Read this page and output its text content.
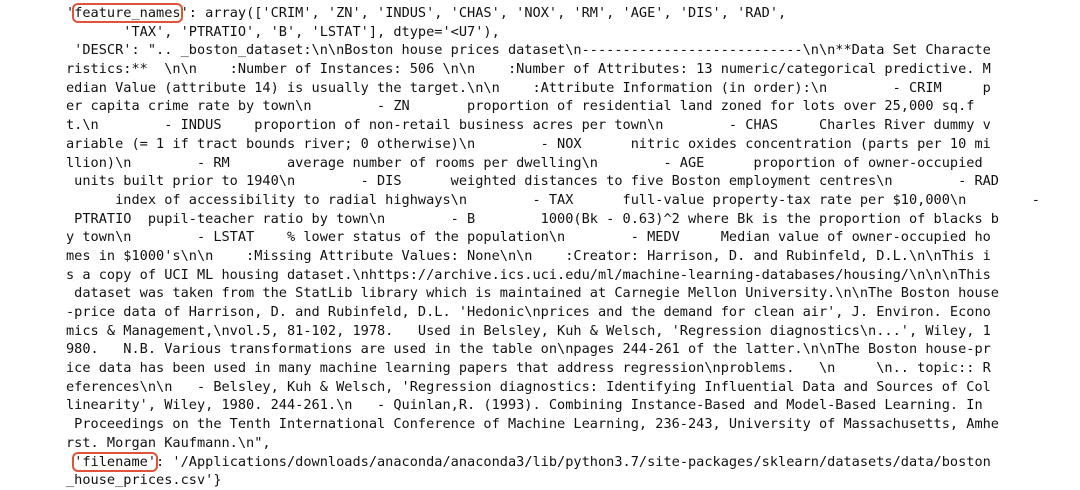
'feature_names': array(['CRIM', 'ZN', 'INDUS', 'CHAS', 'NOX', 'RM', 'AGE', 'DIS', 'RAD',
'TAX', 'PTRATIO', 'B', 'LSTAT'], dtype='<U7'),
'DESCR': ".. _boston_dataset:\n\nBoston house prices dataset\n---------------------------\n\n**Data Set Characte
ristics:**  \n\n    :Number of Instances: 506 \n\n    :Number of Attributes: 13 numeric/categorical predictive. M
edian Value (attribute 14) is usually the target.\n\n    :Attribute Information (in order):\n        - CRIM     p
er capita crime rate by town\n        - ZN       proportion of residential land zoned for lots over 25,000 sq.f
t.\n        - INDUS    proportion of non-retail business acres per town\n        - CHAS     Charles River dummy v
ariable (= 1 if tract bounds river; 0 otherwise)\n        - NOX      nitric oxides concentration (parts per 10 mi
llion)\n        - RM       average number of rooms per dwelling\n        - AGE      proportion of owner-occupied
units built prior to 1940\n        - DIS      weighted distances to five Boston employment centres\n        - RAD
index of accessibility to radial highways\n        - TAX      full-value property-tax rate per $10,000\n        -
PTRATIO  pupil-teacher ratio by town\n        - B        1000(Bk - 0.63)^2 where Bk is the proportion of blacks b
y town\n        - LSTAT    % lower status of the population\n        - MEDV     Median value of owner-occupied ho
mes in $1000's\n\n    :Missing Attribute Values: None\n\n    :Creator: Harrison, D. and Rubinfeld, D.L.\n\nThis i
s a copy of UCI ML housing dataset.\nhttps://archive.ics.uci.edu/ml/machine-learning-databases/housing/\n\n\nThis
dataset was taken from the StatLib library which is maintained at Carnegie Mellon University.\n\nThe Boston house
-price data of Harrison, D. and Rubinfeld, D.L. 'Hedonic\nprices and the demand for clean air', J. Environ. Econo
mics & Management,\nvol.5, 81-102, 1978.   Used in Belsley, Kuh & Welsch, 'Regression diagnostics\n...', Wiley, 1
980.   N.B. Various transformations are used in the table on\npages 244-261 of the latter.\n\nThe Boston house-pr
ice data has been used in many machine learning papers that address regression\nproblems.   \n     \n.. topic:: R
eferences\n\n   - Belsley, Kuh & Welsch, 'Regression diagnostics: Identifying Influential Data and Sources of Col
linearity', Wiley, 1980. 244-261.\n   - Quinlan,R. (1993). Combining Instance-Based and Model-Based Learning. In
Proceedings on the Tenth International Conference of Machine Learning, 236-243, University of Massachusetts, Amhe
rst. Morgan Kaufmann.\n",
'filename': '/Applications/downloads/anaconda/anaconda3/lib/python3.7/site-packages/sklearn/datasets/data/boston
_house_prices.csv'}
